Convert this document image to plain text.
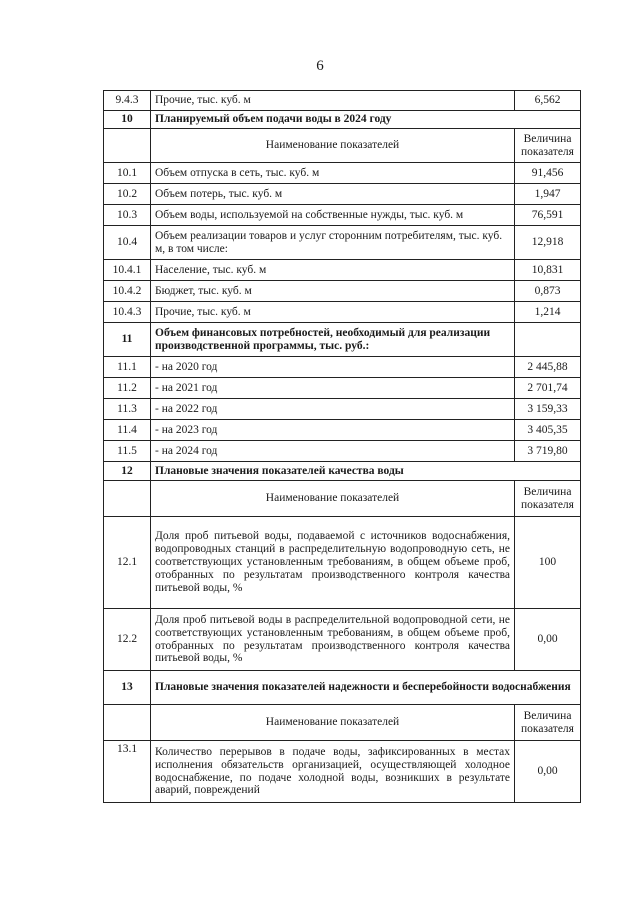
6
9.4.3	Прочие, тыс. куб. м	6,562
10	Планируемый объем подачи воды в 2024 году	
	Наименование показателей	Величина показателя
10.1	Объем отпуска в сеть, тыс. куб. м	91,456
10.2	Объем потерь, тыс. куб. м	1,947
10.3	Объем воды, используемой на собственные нужды, тыс. куб. м	76,591
10.4	Объем реализации товаров и услуг сторонним потребителям, тыс. куб. м, в том числе:	12,918
10.4.1	Население, тыс. куб. м	10,831
10.4.2	Бюджет, тыс. куб. м	0,873
10.4.3	Прочие, тыс. куб. м	1,214
11	Объем финансовых потребностей, необходимый для реализации производственной программы, тыс. руб.:	
11.1	- на 2020 год	2 445,88
11.2	- на 2021 год	2 701,74
11.3	- на 2022 год	3 159,33
11.4	- на 2023 год	3 405,35
11.5	- на 2024 год	3 719,80
12	Плановые значения показателей качества воды	
	Наименование показателей	Величина показателя
12.1	Доля проб питьевой воды, подаваемой с источников водоснабжения, водопроводных станций в распределительную водопроводную сеть, не соответствующих установленным требованиям, в общем объеме проб, отобранных по результатам производственного контроля качества питьевой воды, %	100
12.2	Доля проб питьевой воды в распределительной водопроводной сети, не соответствующих установленным требованиям, в общем объеме проб, отобранных по результатам производственного контроля качества питьевой воды, %	0,00
13	Плановые значения показателей надежности и бесперебойности водоснабжения	
	Наименование показателей	Величина показателя
13.1	Количество перерывов в подаче воды, зафиксированных в местах исполнения обязательств организацией, осуществляющей холодное водоснабжение, по подаче холодной воды, возникших в результате аварий, повреждений	0,00
